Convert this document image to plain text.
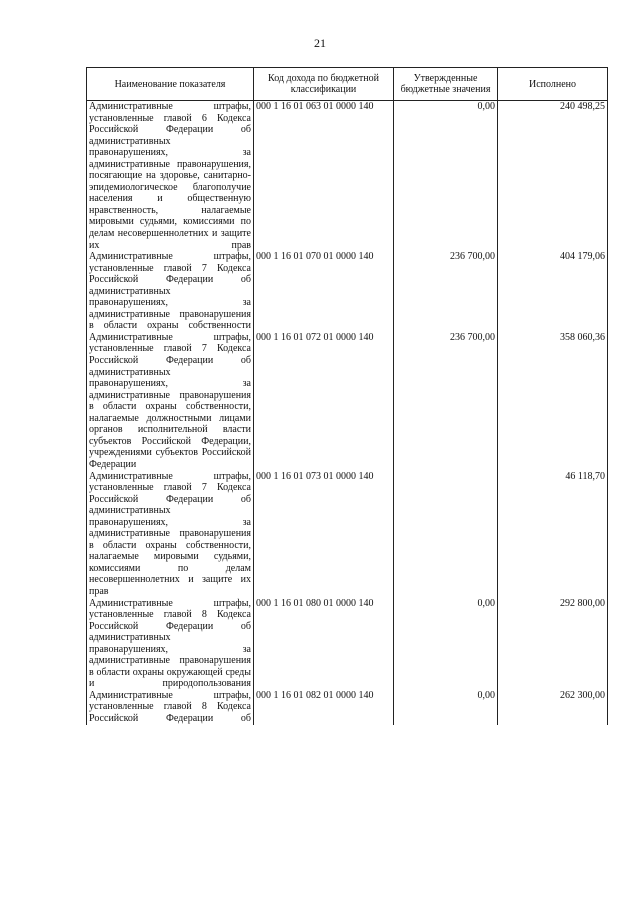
21
Наименование показателя	Код дохода по бюджетной классификации	Утвержденные бюджетные значения	Исполнено
Административные штрафы, установленные главой 6 Кодекса Российской Федерации об административных правонарушениях, за административные правонарушения, посягающие на здоровье, санитарно-эпидемиологическое благополучие населения и общественную нравственность, налагаемые мировыми судьями, комиссиями по делам несовершеннолетних и защите их прав	000 1 16 01 063 01 0000 140	0,00	240 498,25
Административные штрафы, установленные главой 7 Кодекса Российской Федерации об административных правонарушениях, за административные правонарушения в области охраны собственности	000 1 16 01 070 01 0000 140	236 700,00	404 179,06
Административные штрафы, установленные главой 7 Кодекса Российской Федерации об административных правонарушениях, за административные правонарушения в области охраны собственности, налагаемые должностными лицами органов исполнительной власти субъектов Российской Федерации, учреждениями субъектов Российской Федерации	000 1 16 01 072 01 0000 140	236 700,00	358 060,36
Административные штрафы, установленные главой 7 Кодекса Российской Федерации об административных правонарушениях, за административные правонарушения в области охраны собственности, налагаемые мировыми судьями, комиссиями по делам несовершеннолетних и защите их прав	000 1 16 01 073 01 0000 140		46 118,70
Административные штрафы, установленные главой 8 Кодекса Российской Федерации об административных правонарушениях, за административные правонарушения в области охраны окружающей среды и природопользования	000 1 16 01 080 01 0000 140	0,00	292 800,00
Административные штрафы, установленные главой 8 Кодекса Российской Федерации об	000 1 16 01 082 01 0000 140	0,00	262 300,00
